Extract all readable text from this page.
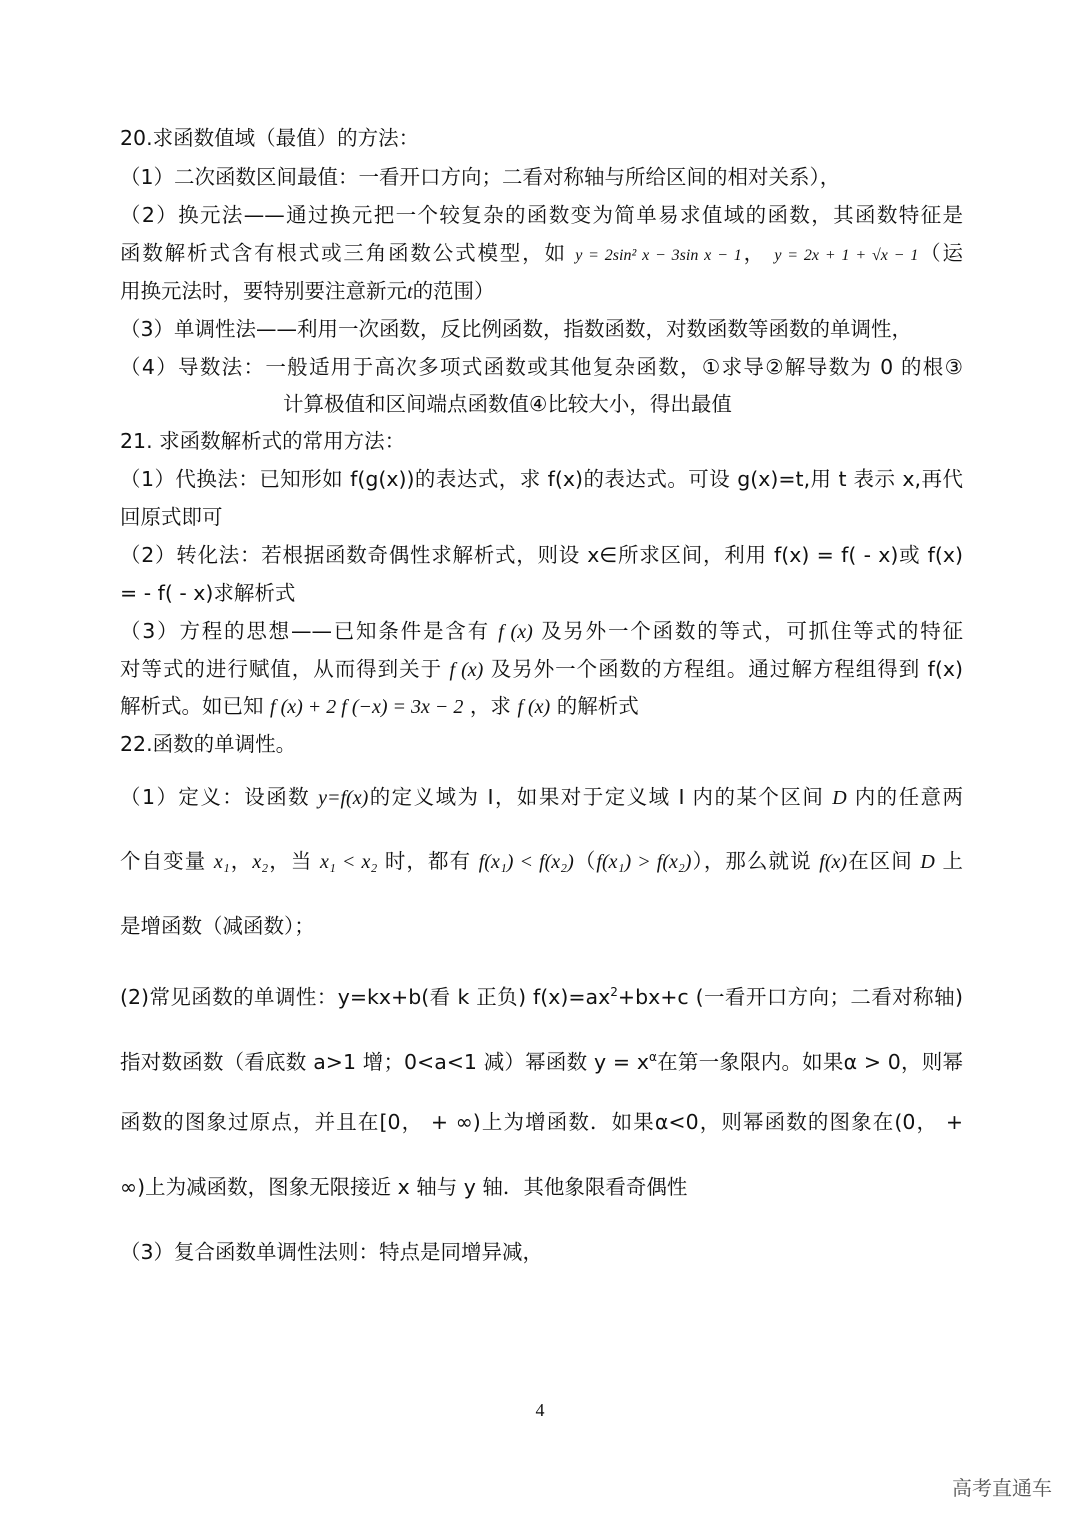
20.求函数值域（最值）的方法：
（1）二次函数区间最值：一看开口方向；二看对称轴与所给区间的相对关系），
（2）换元法——通过换元把一个较复杂的函数变为简单易求值域的函数，其函数特征是
函数解析式含有根式或三角函数公式模型，如 y = 2sin² x − 3sin x − 1， y = 2x + 1 + √x − 1（运
用换元法时，要特别要注意新元t的范围）
（3）单调性法——利用一次函数，反比例函数，指数函数，对数函数等函数的单调性，
（4）导数法：一般适用于高次多项式函数或其他复杂函数，①求导②解导数为 0 的根③
计算极值和区间端点函数值④比较大小，得出最值
21. 求函数解析式的常用方法：
（1）代换法：已知形如 f(g(x))的表达式，求 f(x)的表达式。可设 g(x)=t,用 t 表示 x,再代
回原式即可
（2）转化法：若根据函数奇偶性求解析式，则设 x∈所求区间，利用 f(x) = f( - x)或 f(x)
= - f( - x)求解析式
（3）方程的思想——已知条件是含有 f (x) 及另外一个函数的等式，可抓住等式的特征
对等式的进行赋值，从而得到关于 f (x) 及另外一个函数的方程组。通过解方程组得到 f(x)
解析式。如已知 f (x) + 2 f (−x) = 3x − 2 ，求 f (x) 的解析式
22.函数的单调性。
（1）定义：设函数 y=f(x)的定义域为 I，如果对于定义域 I 内的某个区间 D 内的任意两
个自变量 x₁，x₂，当 x₁ < x₂ 时，都有 f(x₁) < f(x₂)（f(x₁) > f(x₂)），那么就说 f(x)在区间 D 上
是增函数（减函数）；
(2)常见函数的单调性：y=kx+b(看 k 正负) $f(x)=ax^2+bx+c$ (一看开口方向；二看对称轴)
指对数函数（看底数 a>1 增；0<a<1 减）幂函数 $y = x^\alpha$在第一象限内。如果α > 0，则幂
函数的图象过原点，并且在[0， + ∞)上为增函数．如果α<0，则幂函数的图象在(0， +
∞)上为减函数，图象无限接近 x 轴与 y 轴．其他象限看奇偶性
（3）复合函数单调性法则：特点是同增异减，
4
高考直通车
